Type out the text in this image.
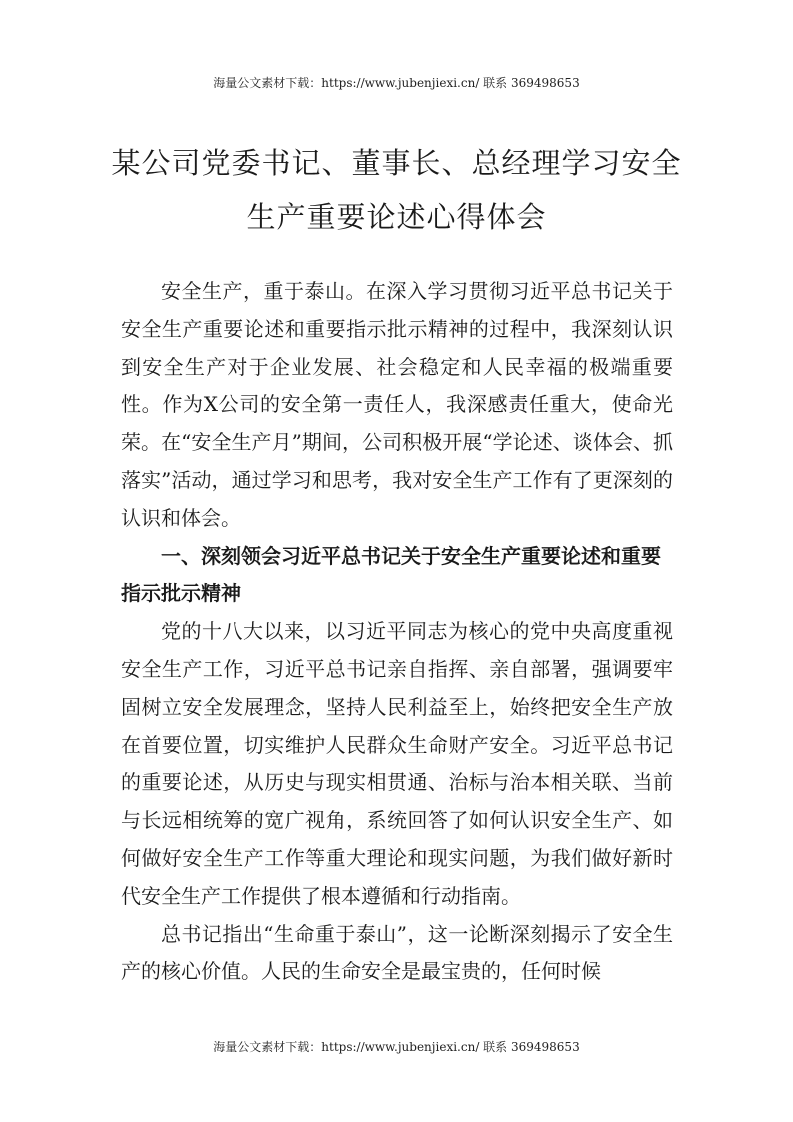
海量公文素材下载：https://www.jubenjiexi.cn/ 联系 369498653
某公司党委书记、董事长、总经理学习安全
生产重要论述心得体会

安全生产，重于泰山。在深入学习贯彻习近平总书记关于安全生产重要论述和重要指示批示精神的过程中，我深刻认识到安全生产对于企业发展、社会稳定和人民幸福的极端重要性。作为X公司的安全第一责任人，我深感责任重大，使命光荣。在“安全生产月”期间，公司积极开展“学论述、谈体会、抓落实”活动，通过学习和思考，我对安全生产工作有了更深刻的认识和体会。

一、深刻领会习近平总书记关于安全生产重要论述和重要指示批示精神

党的十八大以来，以习近平同志为核心的党中央高度重视安全生产工作，习近平总书记亲自指挥、亲自部署，强调要牢固树立安全发展理念，坚持人民利益至上，始终把安全生产放在首要位置，切实维护人民群众生命财产安全。习近平总书记的重要论述，从历史与现实相贯通、治标与治本相关联、当前与长远相统筹的宽广视角，系统回答了如何认识安全生产、如何做好安全生产工作等重大理论和现实问题，为我们做好新时代安全生产工作提供了根本遵循和行动指南。

总书记指出“生命重于泰山”，这一论断深刻揭示了安全生产的核心价值。人民的生命安全是最宝贵的，任何时候

海量公文素材下载：https://www.jubenjiexi.cn/ 联系 369498653
